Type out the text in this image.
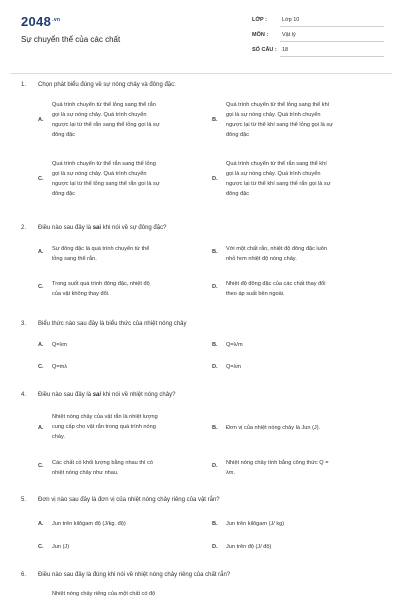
$2048^{.vn}$
Sự chuyển thể của các chất
LỚP :	Lớp 10
MÔN :	Vật lý
SỐ CÂU : 18
1. Chọn phát biểu đúng về sự nóng chảy và đông đặc:
A.
Quá trình chuyển từ thể lỏng sang thể rắn
gọi là sự nóng chảy. Quá trình chuyển
ngược lại từ thể rắn sang thể lỏng gọi là sự
đông đặc
B.
Quá trình chuyển từ thể lỏng sang thể khí
gọi là sự nóng chảy. Quá trình chuyển
ngược lại từ thể khí sang thể lỏng gọi là sự
đông đặc
C.
Quá trình chuyển từ thể rắn sang thể lỏng
gọi là sự nóng chảy. Quá trình chuyển
ngược lại từ thể lỏng sang thể rắn gọi là sự
đông đặc
D.
Quá trình chuyển từ thể rắn sang thể khí
gọi là sự nóng chảy. Quá trình chuyển
ngược lại từ thể khí sang thể rắn gọi là sự
đông đặc
2. Điều nào sau đây là sai khi nói về sự đông đặc?
A. Sự đông đặc là quá trình chuyển từ thể
lỏng sang thể rắn.
B. Với một chất rắn, nhiệt độ đông đặc luôn
nhỏ hơn nhiệt độ nóng chảy.
C. Trong suốt quá trình đông đặc, nhiệt độ
của vật không thay đổi.
D. Nhiệt độ đông đặc của các chất thay đổi
theo áp suất bên ngoài.
3. Biểu thức nào sau đây là biểu thức của nhiệt nóng chảy
A. Q=λm	B. Q=λ/m
C. Q=mλ	D. Q=λm
4. Điều nào sau đây là sai khi nói về nhiệt nóng chảy?
A.
Nhiệt nóng chảy của vật rắn là nhiệt lượng
cung cấp cho vật rắn trong quá trình nóng
chảy.
B. Đơn vị của nhiệt nóng chảy là Jun (J).
C. Các chất có khối lượng bằng nhau thì có
nhiệt nóng chảy như nhau.
D. Nhiệt nóng chảy tính bằng công thức Q =
λm.
5. Đơn vị nào sau đây là đơn vị của nhiệt nóng chảy riêng của vật rắn?
A. Jun trên kilôgam độ (J/kg. độ)	B. Jun trên kilôgam (J/ kg)
C. Jun (J)	D. Jun trên độ (J/ độ)
6. Điều nào sau đây là đúng khi nói về nhiệt nóng chảy riêng của chất rắn?
Nhiệt nóng chảy riêng của một chất có độ
